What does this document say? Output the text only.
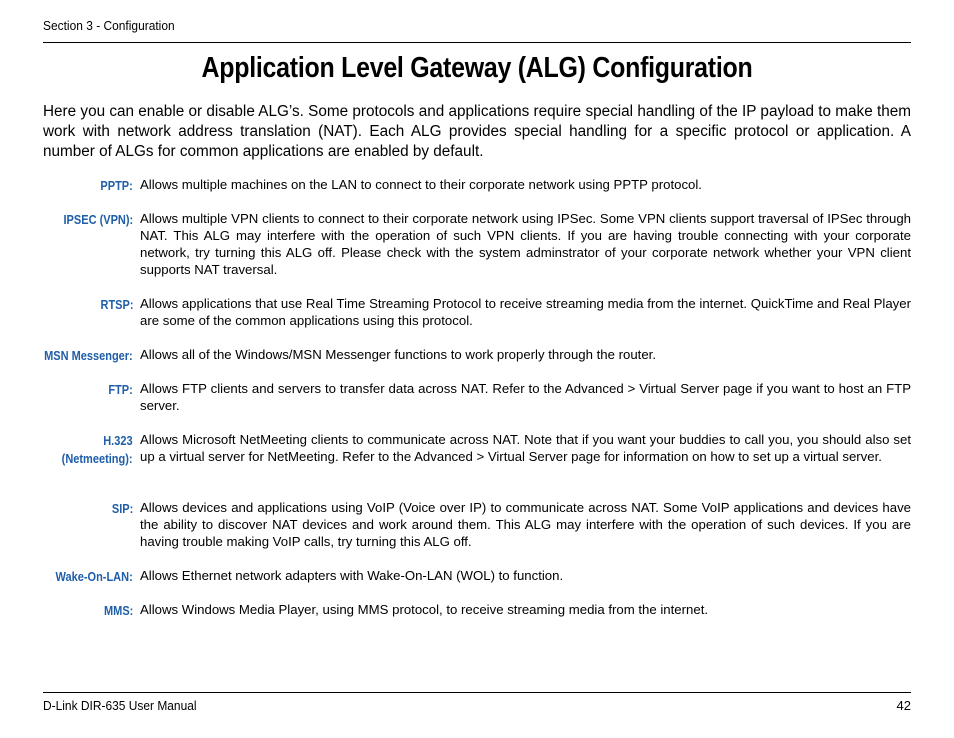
Section 3 - Configuration
Application Level Gateway (ALG) Configuration

Here you can enable or disable ALG’s. Some protocols and applications require special handling of the IP payload to make them work with network address translation (NAT). Each ALG provides special handling for a specific protocol or application. A number of ALGs for common applications are enabled by default.

PPTP: Allows multiple machines on the LAN to connect to their corporate network using PPTP protocol.

IPSEC (VPN): Allows multiple VPN clients to connect to their corporate network using IPSec. Some VPN clients support traversal of IPSec through NAT. This ALG may interfere with the operation of such VPN clients. If you are having trouble connecting with your corporate network, try turning this ALG off. Please check with the system adminstrator of your corporate network whether your VPN client supports NAT traversal.

RTSP: Allows applications that use Real Time Streaming Protocol to receive streaming media from the internet. QuickTime and Real Player are some of the common applications using this protocol.

MSN Messenger: Allows all of the Windows/MSN Messenger functions to work properly through the router.

FTP: Allows FTP clients and servers to transfer data across NAT. Refer to the Advanced > Virtual Server page if you want to host an FTP server.

H.323
(Netmeeting):

Allows Microsoft NetMeeting clients to communicate across NAT. Note that if you want your buddies to call you, you should also set up a virtual server for NetMeeting. Refer to the Advanced > Virtual Server page for information on how to set up a virtual server.

SIP: Allows devices and applications using VoIP (Voice over IP) to communicate across NAT. Some VoIP applications and devices have the ability to discover NAT devices and work around them. This ALG may interfere with the operation of such devices. If you are having trouble making VoIP calls, try turning this ALG off.

Wake-On-LAN: Allows Ethernet network adapters with Wake-On-LAN (WOL) to function.

MMS: Allows Windows Media Player, using MMS protocol, to receive streaming media from the internet.

D-Link DIR-635 User Manual	42
